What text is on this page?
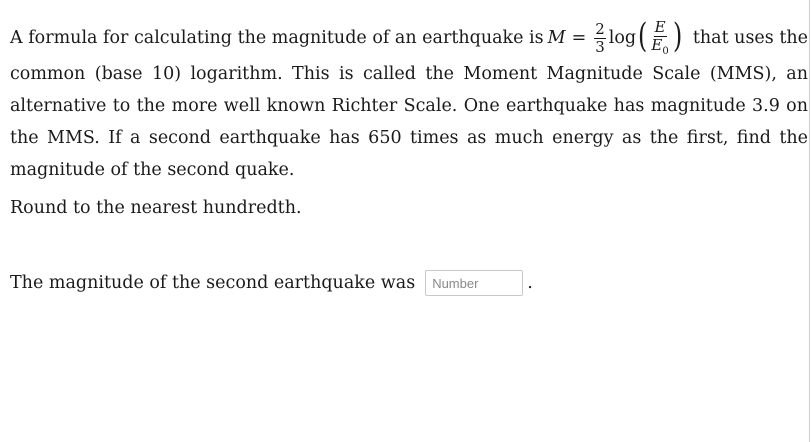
A formula for calculating the magnitude of an earthquake is $M = \frac{2}{3}$ log ( $\frac{E}{E_0}$ ) that uses the
common (base 10) logarithm. This is called the Moment Magnitude Scale (MMS), an alternative to the more well known Richter Scale. One earthquake has magnitude 3.9 on the MMS. If a second earthquake has 650 times as much energy as the first, find the magnitude of the second quake.
Round to the nearest hundredth.
The magnitude of the second earthquake was
Number	.
